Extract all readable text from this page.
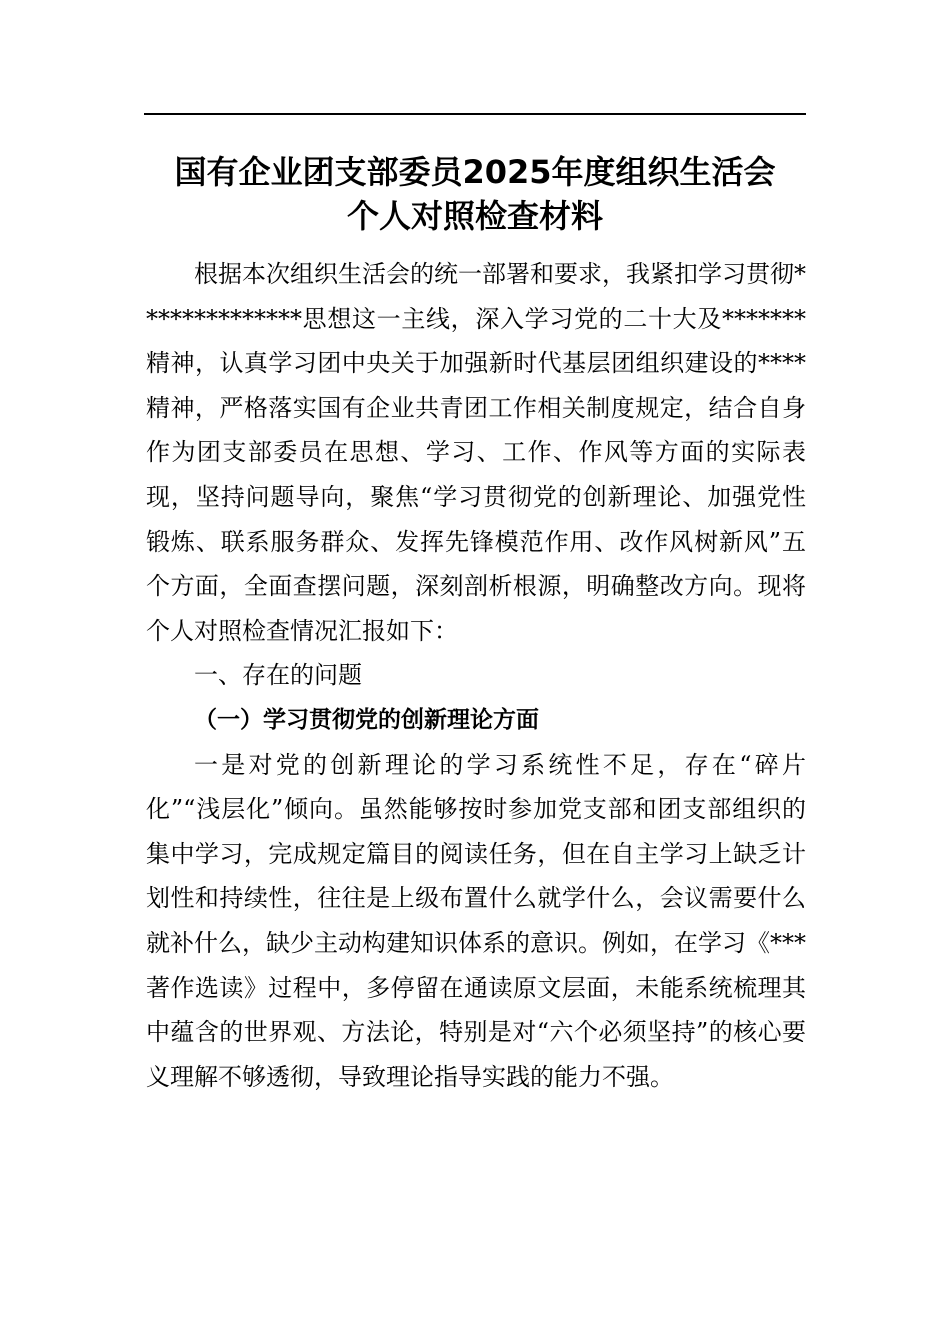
国有企业团支部委员2025年度组织生活会
个人对照检查材料

根据本次组织生活会的统一部署和要求，我紧扣学习贯彻**************思想这一主线，深入学习党的二十大及*******精神，认真学习团中央关于加强新时代基层团组织建设的****精神，严格落实国有企业共青团工作相关制度规定，结合自身作为团支部委员在思想、学习、工作、作风等方面的实际表现，坚持问题导向，聚焦“学习贯彻党的创新理论、加强党性锻炼、联系服务群众、发挥先锋模范作用、改作风树新风”五个方面，全面查摆问题，深刻剖析根源，明确整改方向。现将个人对照检查情况汇报如下：

一、存在的问题

（一）学习贯彻党的创新理论方面

一是对党的创新理论的学习系统性不足，存在“碎片化”“浅层化”倾向。虽然能够按时参加党支部和团支部组织的集中学习，完成规定篇目的阅读任务，但在自主学习上缺乏计划性和持续性，往往是上级布置什么就学什么，会议需要什么就补什么，缺少主动构建知识体系的意识。例如，在学习《***著作选读》过程中，多停留在通读原文层面，未能系统梳理其中蕴含的世界观、方法论，特别是对“六个必须坚持”的核心要义理解不够透彻，导致理论指导实践的能力不强。
